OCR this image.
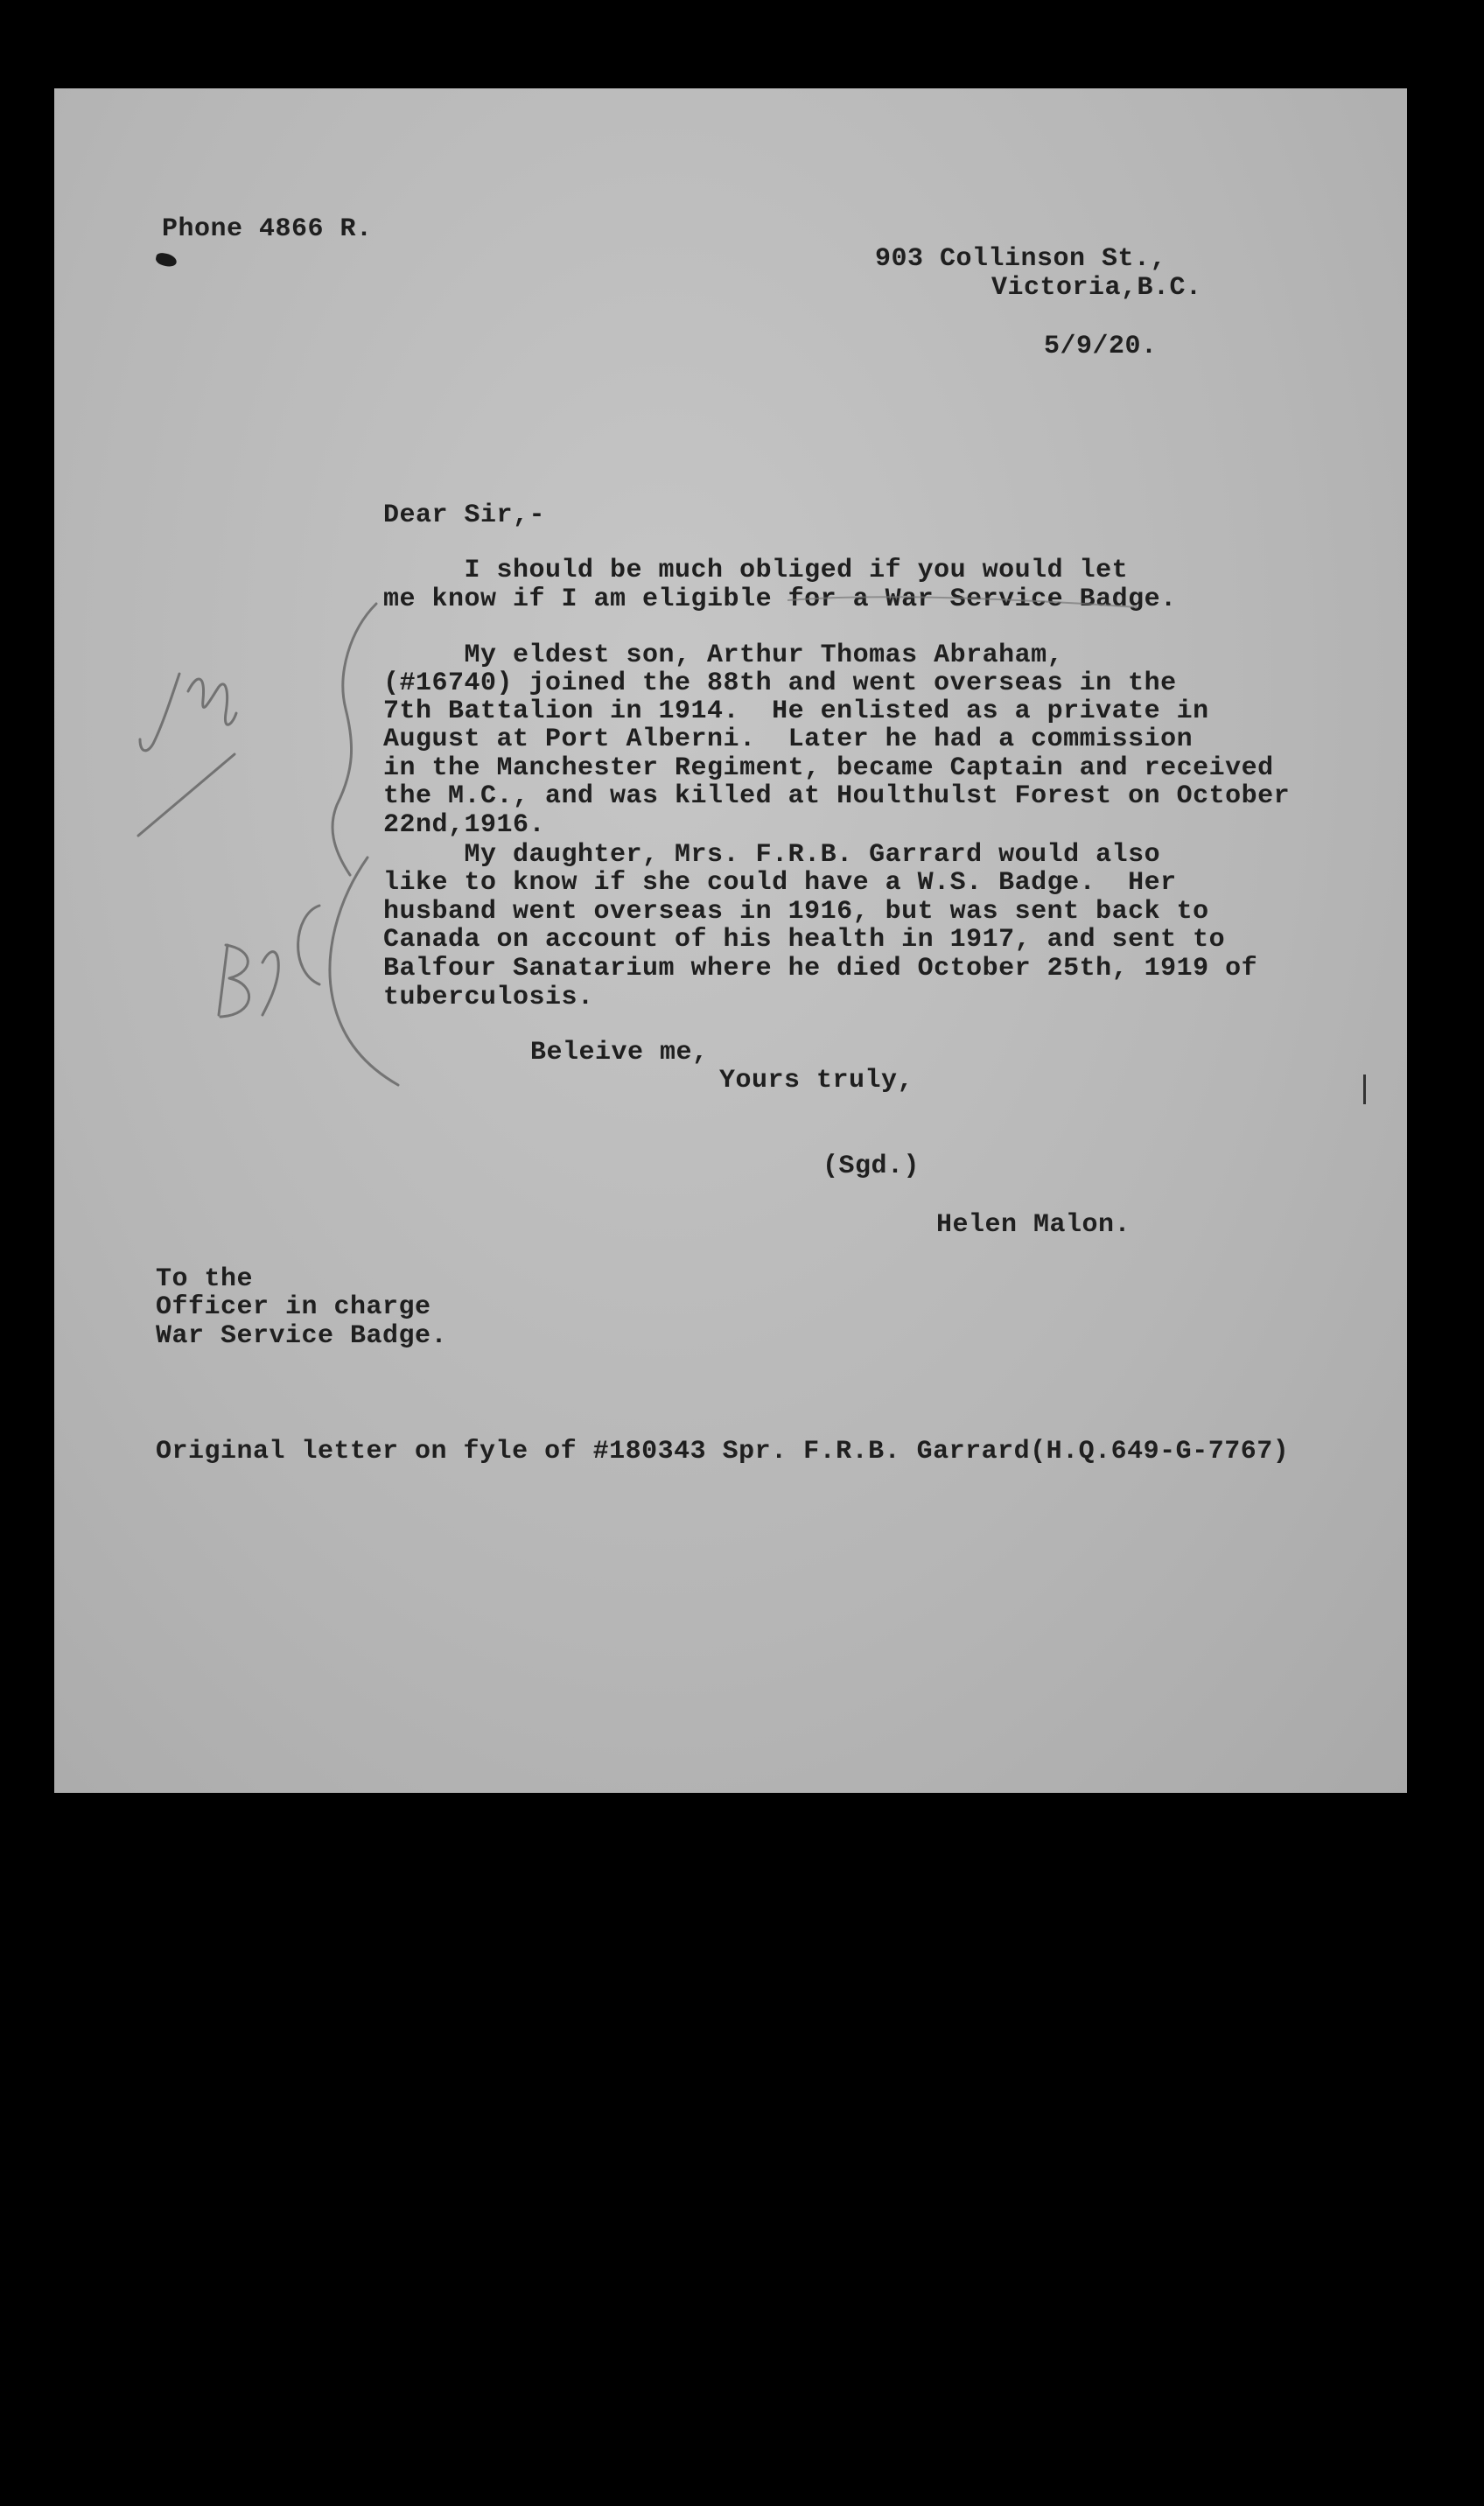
Phone 4866 R.
903 Collinson St.,
Victoria,B.C.
5/9/20.
Dear Sir,-
I should be much obliged if you would let
me know if I am eligible for a War Service Badge.
My eldest son, Arthur Thomas Abraham,
(#16740) joined the 88th and went overseas in the
7th Battalion in 1914.  He enlisted as a private in
August at Port Alberni.  Later he had a commission
in the Manchester Regiment, became Captain and received
the M.C., and was killed at Houlthulst Forest on October
22nd,1916.
My daughter, Mrs. F.R.B. Garrard would also
like to know if she could have a W.S. Badge.  Her
husband went overseas in 1916, but was sent back to
Canada on account of his health in 1917, and sent to
Balfour Sanatarium where he died October 25th, 1919 of
tuberculosis.
Beleive me,
Yours truly,
(Sgd.)
Helen Malon.
To the
Officer in charge
War Service Badge.
Original letter on fyle of #180343 Spr. F.R.B. Garrard(H.Q.649-G-7767)
